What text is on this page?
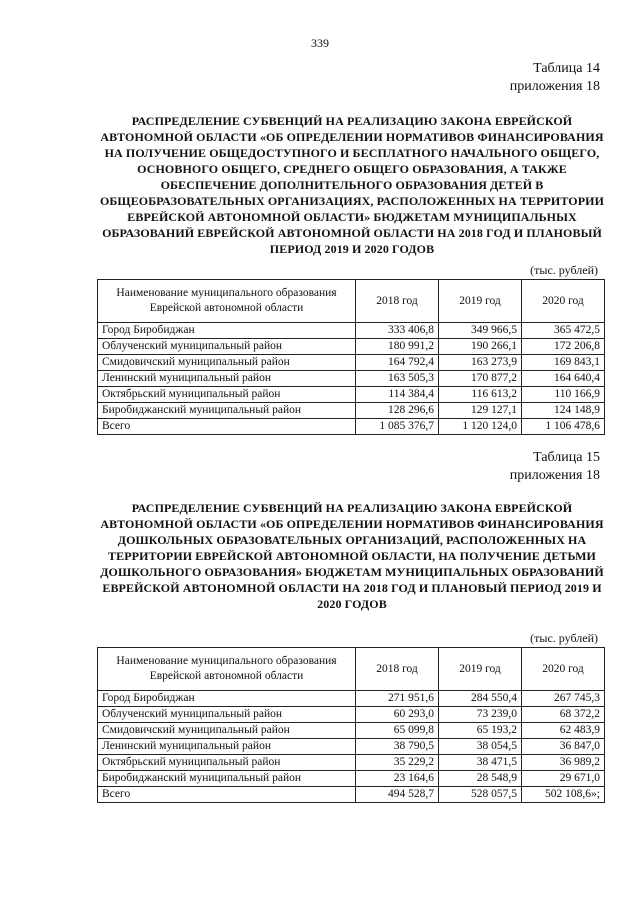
339
Таблица 14
приложения 18
РАСПРЕДЕЛЕНИЕ СУБВЕНЦИЙ НА РЕАЛИЗАЦИЮ ЗАКОНА ЕВРЕЙСКОЙ АВТОНОМНОЙ ОБЛАСТИ «ОБ ОПРЕДЕЛЕНИИ НОРМАТИВОВ ФИНАНСИРОВАНИЯ НА ПОЛУЧЕНИЕ ОБЩЕДОСТУПНОГО И БЕСПЛАТНОГО НАЧАЛЬНОГО ОБЩЕГО, ОСНОВНОГО ОБЩЕГО, СРЕДНЕГО ОБЩЕГО ОБРАЗОВАНИЯ, А ТАКЖЕ ОБЕСПЕЧЕНИЕ ДОПОЛНИТЕЛЬНОГО ОБРАЗОВАНИЯ ДЕТЕЙ В ОБЩЕОБРАЗОВАТЕЛЬНЫХ ОРГАНИЗАЦИЯХ, РАСПОЛОЖЕННЫХ НА ТЕРРИТОРИИ ЕВРЕЙСКОЙ АВТОНОМНОЙ ОБЛАСТИ» БЮДЖЕТАМ МУНИЦИПАЛЬНЫХ ОБРАЗОВАНИЙ ЕВРЕЙСКОЙ АВТОНОМНОЙ ОБЛАСТИ НА 2018 ГОД И ПЛАНОВЫЙ ПЕРИОД 2019 И 2020 ГОДОВ
(тыс. рублей)
Наименование муниципального образования Еврейской автономной области	2018 год	2019 год	2020 год
Город Биробиджан	333 406,8	349 966,5	365 472,5
Облученский муниципальный район	180 991,2	190 266,1	172 206,8
Смидовичский муниципальный район	164 792,4	163 273,9	169 843,1
Ленинский муниципальный район	163 505,3	170 877,2	164 640,4
Октябрьский муниципальный район	114 384,4	116 613,2	110 166,9
Биробиджанский муниципальный район	128 296,6	129 127,1	124 148,9
Всего	1 085 376,7	1 120 124,0	1 106 478,6
Таблица 15
приложения 18
РАСПРЕДЕЛЕНИЕ СУБВЕНЦИЙ НА РЕАЛИЗАЦИЮ ЗАКОНА ЕВРЕЙСКОЙ АВТОНОМНОЙ ОБЛАСТИ «ОБ ОПРЕДЕЛЕНИИ НОРМАТИВОВ ФИНАНСИРОВАНИЯ ДОШКОЛЬНЫХ ОБРАЗОВАТЕЛЬНЫХ ОРГАНИЗАЦИЙ, РАСПОЛОЖЕННЫХ НА ТЕРРИТОРИИ ЕВРЕЙСКОЙ АВТОНОМНОЙ ОБЛАСТИ, НА ПОЛУЧЕНИЕ ДЕТЬМИ ДОШКОЛЬНОГО ОБРАЗОВАНИЯ» БЮДЖЕТАМ МУНИЦИПАЛЬНЫХ ОБРАЗОВАНИЙ ЕВРЕЙСКОЙ АВТОНОМНОЙ ОБЛАСТИ НА 2018 ГОД И ПЛАНОВЫЙ ПЕРИОД 2019 И 2020 ГОДОВ
(тыс. рублей)
Наименование муниципального образования Еврейской автономной области	2018 год	2019 год	2020 год
Город Биробиджан	271 951,6	284 550,4	267 745,3
Облученский муниципальный район	60 293,0	73 239,0	68 372,2
Смидовичский муниципальный район	65 099,8	65 193,2	62 483,9
Ленинский муниципальный район	38 790,5	38 054,5	36 847,0
Октябрьский муниципальный район	35 229,2	38 471,5	36 989,2
Биробиджанский муниципальный район	23 164,6	28 548,9	29 671,0
Всего	494 528,7	528 057,5	502 108,6»;
